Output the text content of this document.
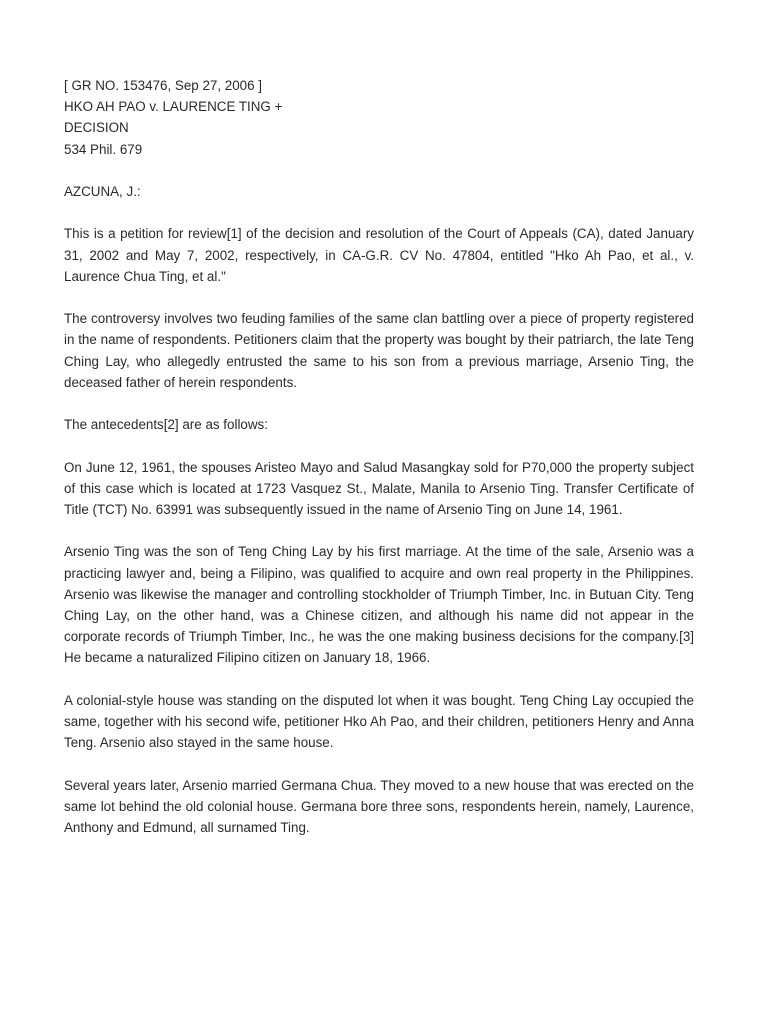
[ GR NO. 153476, Sep 27, 2006 ]

HKO AH PAO v. LAURENCE TING +

DECISION

534 Phil. 679

AZCUNA, J.:

This is a petition for review[1] of the decision and resolution of the Court of Appeals (CA), dated January 31, 2002 and May 7, 2002, respectively, in CA-G.R. CV No. 47804, entitled "Hko Ah Pao, et al., v. Laurence Chua Ting, et al."

The controversy involves two feuding families of the same clan battling over a piece of property registered in the name of respondents. Petitioners claim that the property was bought by their patriarch, the late Teng Ching Lay, who allegedly entrusted the same to his son from a previous marriage, Arsenio Ting, the deceased father of herein respondents.

The antecedents[2] are as follows:

On June 12, 1961, the spouses Aristeo Mayo and Salud Masangkay sold for P70,000 the property subject of this case which is located at 1723 Vasquez St., Malate, Manila to Arsenio Ting. Transfer Certificate of Title (TCT) No. 63991 was subsequently issued in the name of Arsenio Ting on June 14, 1961.

Arsenio Ting was the son of Teng Ching Lay by his first marriage. At the time of the sale, Arsenio was a practicing lawyer and, being a Filipino, was qualified to acquire and own real property in the Philippines. Arsenio was likewise the manager and controlling stockholder of Triumph Timber, Inc. in Butuan City. Teng Ching Lay, on the other hand, was a Chinese citizen, and although his name did not appear in the corporate records of Triumph Timber, Inc., he was the one making business decisions for the company.[3] He became a naturalized Filipino citizen on January 18, 1966.

A colonial-style house was standing on the disputed lot when it was bought. Teng Ching Lay occupied the same, together with his second wife, petitioner Hko Ah Pao, and their children, petitioners Henry and Anna Teng. Arsenio also stayed in the same house.

Several years later, Arsenio married Germana Chua. They moved to a new house that was erected on the same lot behind the old colonial house. Germana bore three sons, respondents herein, namely, Laurence, Anthony and Edmund, all surnamed Ting.
